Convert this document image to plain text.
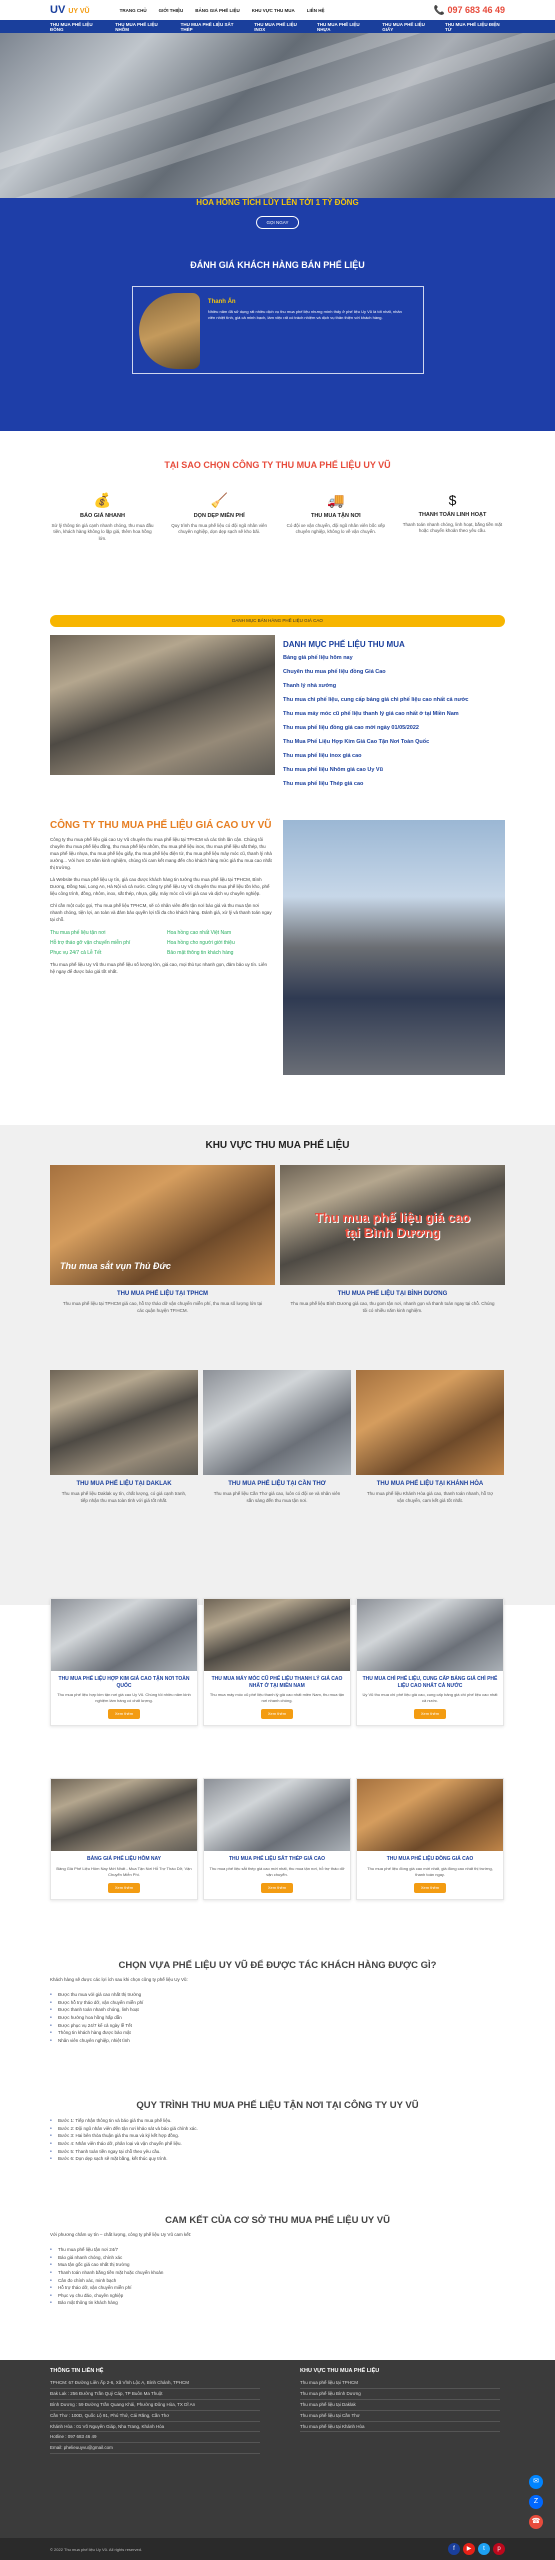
UV UY VŨ	TRANG CHỦ	GIỚI THIỆU	BẢNG GIÁ PHẾ LIỆU	KHU VỰC THU MUA	LIÊN HỆ	📞 097 683 46 49
THU MUA PHẾ LIỆU ĐỒNG
THU MUA PHẾ LIỆU NHÔM
THU MUA PHẾ LIỆU SẮT THÉP
THU MUA PHẾ LIỆU INOX
THU MUA PHẾ LIỆU NHỰA
THU MUA PHẾ LIỆU GIẤY
THU MUA PHẾ LIỆU ĐIỆN TỬ
HOA HỒNG TÍCH LŨY LÊN TỚI 1 TỶ ĐỒNG
GỌI NGAY
ĐÁNH GIÁ KHÁCH HÀNG BÁN PHẾ LIỆU
Thanh Ấn
Nhiều năm đã sử dụng rất nhiều dịch vụ thu mua phế liệu nhưng mình thấy ở phế liệu Uy Vũ là tốt nhất, nhân viên nhiệt tình, giá cả minh bạch, làm việc rất có trách nhiệm và dịch vụ thân thiện với khách hàng.
TẠI SAO CHỌN CÔNG TY THU MUA PHẾ LIỆU UY VŨ
💰
BÁO GIÁ NHANH

Sử lý thông tin giá cạnh nhanh chóng, thu mua đầu tiên, khách hàng không lo lặp giá, thêm hoa hồng lớn.

🧹
DỌN DẸP MIỄN PHÍ

Quy trình thu mua phế liệu có đội ngũ nhân viên chuyên nghiệp, dọn dẹp sạch sẽ kho bãi.

🚚
THU MUA TẬN NƠI

Có đội xe vận chuyển, đội ngũ nhân viên bốc xếp chuyên nghiệp, không lo về vận chuyển.

$
THANH TOÁN LINH HOẠT

Thanh toán nhanh chóng, linh hoạt, bằng tiền mặt hoặc chuyển khoản theo yêu cầu.

DANH MỤC BÁN HÀNG PHẾ LIỆU GIÁ CAO
DANH MỤC PHẾ LIỆU THU MUA
Bảng giá phế liệu hôm nay
Chuyên thu mua phế liệu đồng Giá Cao
Thanh lý nhà xưởng
Thu mua chì phế liệu, cung cấp bảng giá chì phế liệu cao nhất cả nước
Thu mua máy móc cũ phế liệu thanh lý giá cao nhất ở tại Miền Nam
Thu mua phế liệu đồng giá cao mới ngày 01/05/2022
Thu Mua Phế Liệu Hợp Kim Giá Cao Tận Nơi Toàn Quốc
Thu mua phế liệu inox giá cao
Thu mua phế liệu Nhôm giá cao Uy Vũ
Thu mua phế liệu Thép giá cao
CÔNG TY THU MUA PHẾ LIỆU GIÁ CAO UY VŨ

Công ty thu mua phế liệu giá cao Uy Vũ chuyên thu mua phế liệu tại TPHCM và các tỉnh lân cận. Chúng tôi chuyên thu mua phế liệu đồng, thu mua phế liệu nhôm, thu mua phế liệu inox, thu mua phế liệu sắt thép, thu mua phế liệu nhựa, thu mua phế liệu giấy, thu mua phế liệu điện tử, thu mua phế liệu máy móc cũ, thanh lý nhà xưởng... Với hơn 10 năm kinh nghiệm, chúng tôi cam kết mang đến cho khách hàng mức giá thu mua cao nhất thị trường.

Là Website thu mua phế liệu uy tín, giá cao được khách hàng tin tưởng thu mua phế liệu tại TPHCM, Bình Dương, Đồng Nai, Long An, Hà Nội và cả nước. Công ty phế liệu Uy Vũ chuyên thu mua phế liệu tồn kho, phế liệu công trình, đồng, nhôm, inox, sắt thép, nhựa, giấy, máy móc cũ với giá cao và dịch vụ chuyên nghiệp.

Chỉ cần một cuộc gọi, Thu mua phế liệu TPHCM, sẽ có nhân viên đến tận nơi báo giá và thu mua tận nơi nhanh chóng, tiện lợi, an toàn và đảm bảo quyền lợi tối đa cho khách hàng. Đánh giá, xử lý và thanh toán ngay tại chỗ.

Thu mua phế liệu tận nơi	Hoa hồng cao nhất Việt Nam
Hỗ trợ tháo gỡ vận chuyển miễn phí	Hoa hồng cho người giới thiệu
Phục vụ 24/7 cả Lễ Tết	Bảo mật thông tin khách hàng

Thu mua phế liệu Uy Vũ thu mua phế liệu số lượng lớn, giá cao, mọi thủ tục nhanh gọn, đảm bảo uy tín. Liên hệ ngay để được báo giá tốt nhất.

KHU VỰC THU MUA PHẾ LIỆU
Thu mua sắt vụn Thủ Đức
THU MUA PHẾ LIỆU TẠI TPHCM
Thu mua phế liệu tại TPHCM giá cao, hỗ trợ tháo dỡ vận chuyển miễn phí, thu mua số lượng lớn tại các quận huyện TP.HCM.
Thu mua phế liệu giá cao tại Bình Dương
THU MUA PHẾ LIỆU TẠI BÌNH DƯƠNG
Thu mua phế liệu Bình Dương giá cao, thu gom tận nơi, nhanh gọn và thanh toán ngay tại chỗ. Chúng tôi có nhiều năm kinh nghiệm.
THU MUA PHẾ LIỆU TẠI DAKLAK
Thu mua phế liệu Daklak uy tín, chất lượng, có giá cạnh tranh, tiếp nhận thu mua toàn tỉnh với giá tốt nhất.
THU MUA PHẾ LIỆU TẠI CẦN THƠ
Thu mua phế liệu Cần Thơ giá cao, luôn có đội xe và nhân viên sẵn sàng đến thu mua tận nơi.
THU MUA PHẾ LIỆU TẠI KHÁNH HÒA
Thu mua phế liệu Khánh Hòa giá cao, thanh toán nhanh, hỗ trợ vận chuyển, cam kết giá tốt nhất.
THU MUA PHẾ LIỆU HỢP KIM GIÁ CAO TẬN NƠI TOÀN QUỐC

Thu mua phế liệu hợp kim tận nơi giá cao Uy Vũ. Chúng tôi nhiều năm kinh nghiệm làm hàng có chất lượng.

Xem thêm
THU MUA MÁY MÓC CŨ PHẾ LIỆU THANH LÝ GIÁ CAO NHẤT Ở TẠI MIỀN NAM

Thu mua máy móc cũ phế liệu thanh lý giá cao nhất miền Nam, thu mua tận nơi nhanh chóng.

Xem thêm
THU MUA CHÌ PHẾ LIỆU, CUNG CẤP BẢNG GIÁ CHÌ PHẾ LIỆU CAO NHẤT CẢ NƯỚC

Uy Vũ thu mua chì phế liệu giá cao, cung cấp bảng giá chì phế liệu cao nhất cả nước.

Xem thêm
BẢNG GIÁ PHẾ LIỆU HÔM NAY

Bảng Giá Phế Liệu Hôm Nay Mới Nhất - Mua Tận Nơi Hỗ Trợ Tháo Dỡ, Vận Chuyển Miễn Phí.

Xem thêm
THU MUA PHẾ LIỆU SẮT THÉP GIÁ CAO

Thu mua phế liệu sắt thép giá cao mới nhất, thu mua tận nơi, hỗ trợ tháo dỡ vận chuyển.

Xem thêm
THU MUA PHẾ LIỆU ĐỒNG GIÁ CAO

Thu mua phế liệu đồng giá cao mới nhất, giá đồng cao nhất thị trường, thanh toán ngay.

Xem thêm
CHỌN VỰA PHẾ LIỆU UY VŨ ĐỂ ĐƯỢC TÁC KHÁCH HÀNG ĐƯỢC GÌ?

Khách hàng sẽ được các lợi ích sau khi chọn công ty phế liệu Uy Vũ:

● Được thu mua với giá cao nhất thị trường
● Được hỗ trợ tháo dỡ, vận chuyển miễn phí
● Được thanh toán nhanh chóng, linh hoạt
● Được hưởng hoa hồng hấp dẫn
● Được phục vụ 24/7 kể cả ngày lễ Tết
● Thông tin khách hàng được bảo mật
● Nhân viên chuyên nghiệp, nhiệt tình
QUY TRÌNH THU MUA PHẾ LIỆU TẬN NƠI TẠI CÔNG TY UY VŨ
● Bước 1: Tiếp nhận thông tin và báo giá thu mua phế liệu.
● Bước 2: Đội ngũ nhân viên đến tận nơi khảo sát và báo giá chính xác.
● Bước 3: Hai bên thỏa thuận giá thu mua và ký kết hợp đồng.
● Bước 4: Nhân viên tháo dỡ, phân loại và vận chuyển phế liệu.
● Bước 5: Thanh toán tiền ngay tại chỗ theo yêu cầu.
● Bước 6: Dọn dẹp sạch sẽ mặt bằng, kết thúc quy trình.
CAM KẾT CỦA CƠ SỞ THU MUA PHẾ LIỆU UY VŨ

Với phương châm uy tín – chất lượng, công ty phế liệu Uy Vũ cam kết:

● Thu mua phế liệu tận nơi 24/7
● Báo giá nhanh chóng, chính xác
● Mua tận gốc giá cao nhất thị trường
● Thanh toán nhanh bằng tiền mặt hoặc chuyển khoản
● Cân đo chính xác, minh bạch
● Hỗ trợ tháo dỡ, vận chuyển miễn phí
● Phục vụ chu đáo, chuyên nghiệp
● Bảo mật thông tin khách hàng
THÔNG TIN LIÊN HỆ
TPHCM: 67 Đường Liên Ấp 2-6, Xã Vĩnh Lộc A, Bình Chánh, TPHCM
Đak Lak : 256 Đường Trần Quý Cáp, TP Buôn Ma Thuột
Bình Dương : 59 Đường Trần Quang Khải, Phường Đông Hòa, TX Dĩ An
Cần Thơ : 100D, Quốc Lộ 91, Phú Thứ, Cái Răng, Cần Thơ
Khánh Hòa : 01 Võ Nguyên Giáp, Nha Trang, Khánh Hòa
Hotline : 097 683 46 49
Email: phelieuuyvu@gmail.com
KHU VỰC THU MUA PHẾ LIỆU
Thu mua phế liệu tại TPHCM
Thu mua phế liệu Bình Dương
Thu mua phế liệu tại Daklak
Thu mua phế liệu tại Cần Thơ
Thu mua phế liệu tại Khánh Hòa
© 2022 Thu mua phế liệu Uy Vũ. All rights reserved.	f	▶	t	p
✉
Z
☎
